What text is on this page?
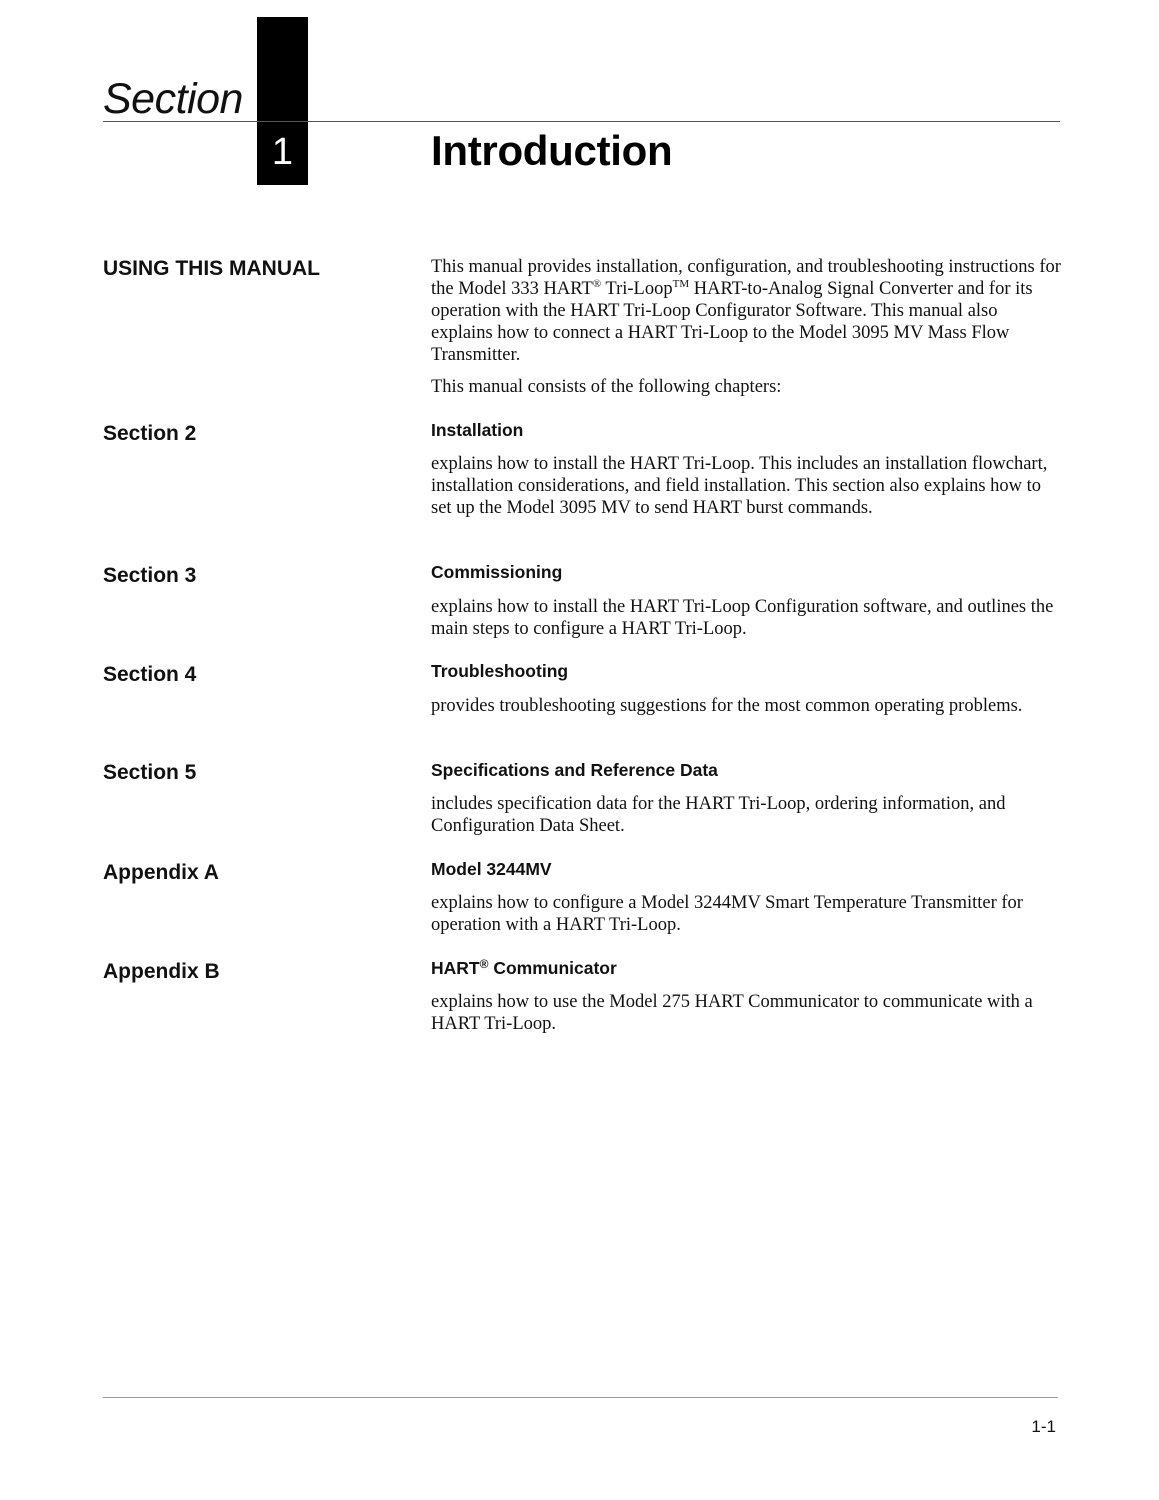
Section
1	Introduction
USING THIS MANUAL	This manual provides installation, configuration, and troubleshooting instructions for the Model 333 HART® Tri-Loop™ HART-to-Analog Signal Converter and for its operation with the HART Tri-Loop Configurator Software. This manual also explains how to connect a HART Tri-Loop to the Model 3095 MV Mass Flow Transmitter.
This manual consists of the following chapters:
Section 2	Installation
explains how to install the HART Tri-Loop. This includes an installation flowchart, installation considerations, and field installation. This section also explains how to set up the Model 3095 MV to send HART burst commands.
Section 3	Commissioning
explains how to install the HART Tri-Loop Configuration software, and outlines the main steps to configure a HART Tri-Loop.
Section 4	Troubleshooting
provides troubleshooting suggestions for the most common operating problems.
Section 5	Specifications and Reference Data
includes specification data for the HART Tri-Loop, ordering information, and Configuration Data Sheet.
Appendix A	Model 3244MV
explains how to configure a Model 3244MV Smart Temperature Transmitter for operation with a HART Tri-Loop.
Appendix B	HART® Communicator
explains how to use the Model 275 HART Communicator to communicate with a HART Tri-Loop.
1-1
